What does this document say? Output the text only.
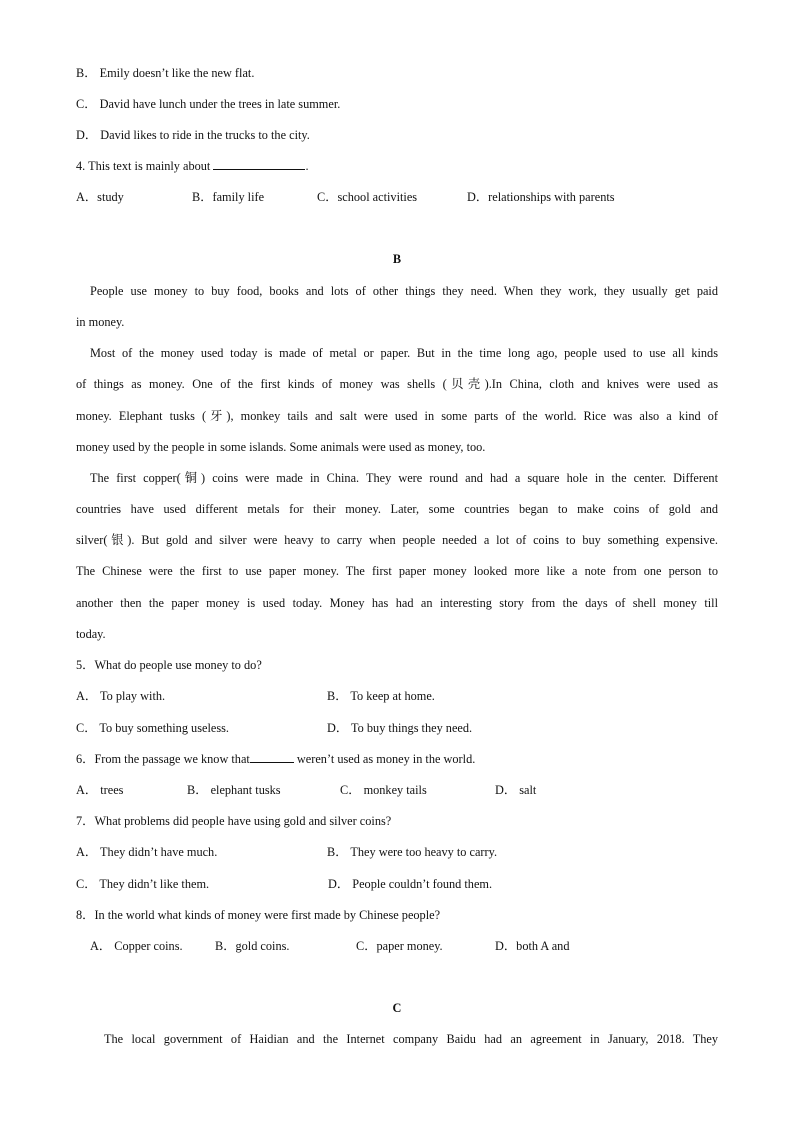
B． Emily doesn’t like the new flat.
C． David have lunch under the trees in late summer.
D． David likes to ride in the trucks to the city.
4. This text is mainly about	.
A．study	B．family life	C．school activities	D．relationships with parents
B
People use money to buy food, books and lots of other things they need. When they work, they usually get paid
in money.
Most of the money used today is made of metal or paper. But in the time long ago, people used to use all kinds
of things as money. One of the first kinds of money was shells (贝壳).In China, cloth and knives were used as
money. Elephant tusks (牙), monkey tails and salt were used in some parts of the world. Rice was also a kind of
money used by the people in some islands. Some animals were used as money, too.
The first copper(铜) coins were made in China. They were round and had a square hole in the center. Different
countries have used different metals for their money. Later, some countries began to make coins of gold and
silver(银). But gold and silver were heavy to carry when people needed a lot of coins to buy something expensive.
The Chinese were the first to use paper money. The first paper money looked more like a note from one person to
another then the paper money is used today. Money has had an interesting story from the days of shell money till
today.
5．What do people use money to do?
A． To play with.	B． To keep at home.
C． To buy something useless.	D． To buy things they need.
6．From the passage we know that	weren’t used as money in the world.
A． trees	B． elephant tusks	C． monkey tails	D． salt
7．What problems did people have using gold and silver coins?
A． They didn’t have much.	B． They were too heavy to carry.
C． They didn’t like them.	D． People couldn’t found them.
8．In the world what kinds of money were first made by Chinese people?
A． Copper coins.	B．gold coins.	C．paper money.	D．both A and
C
The local government of Haidian and the Internet company Baidu had an agreement in January, 2018. They
